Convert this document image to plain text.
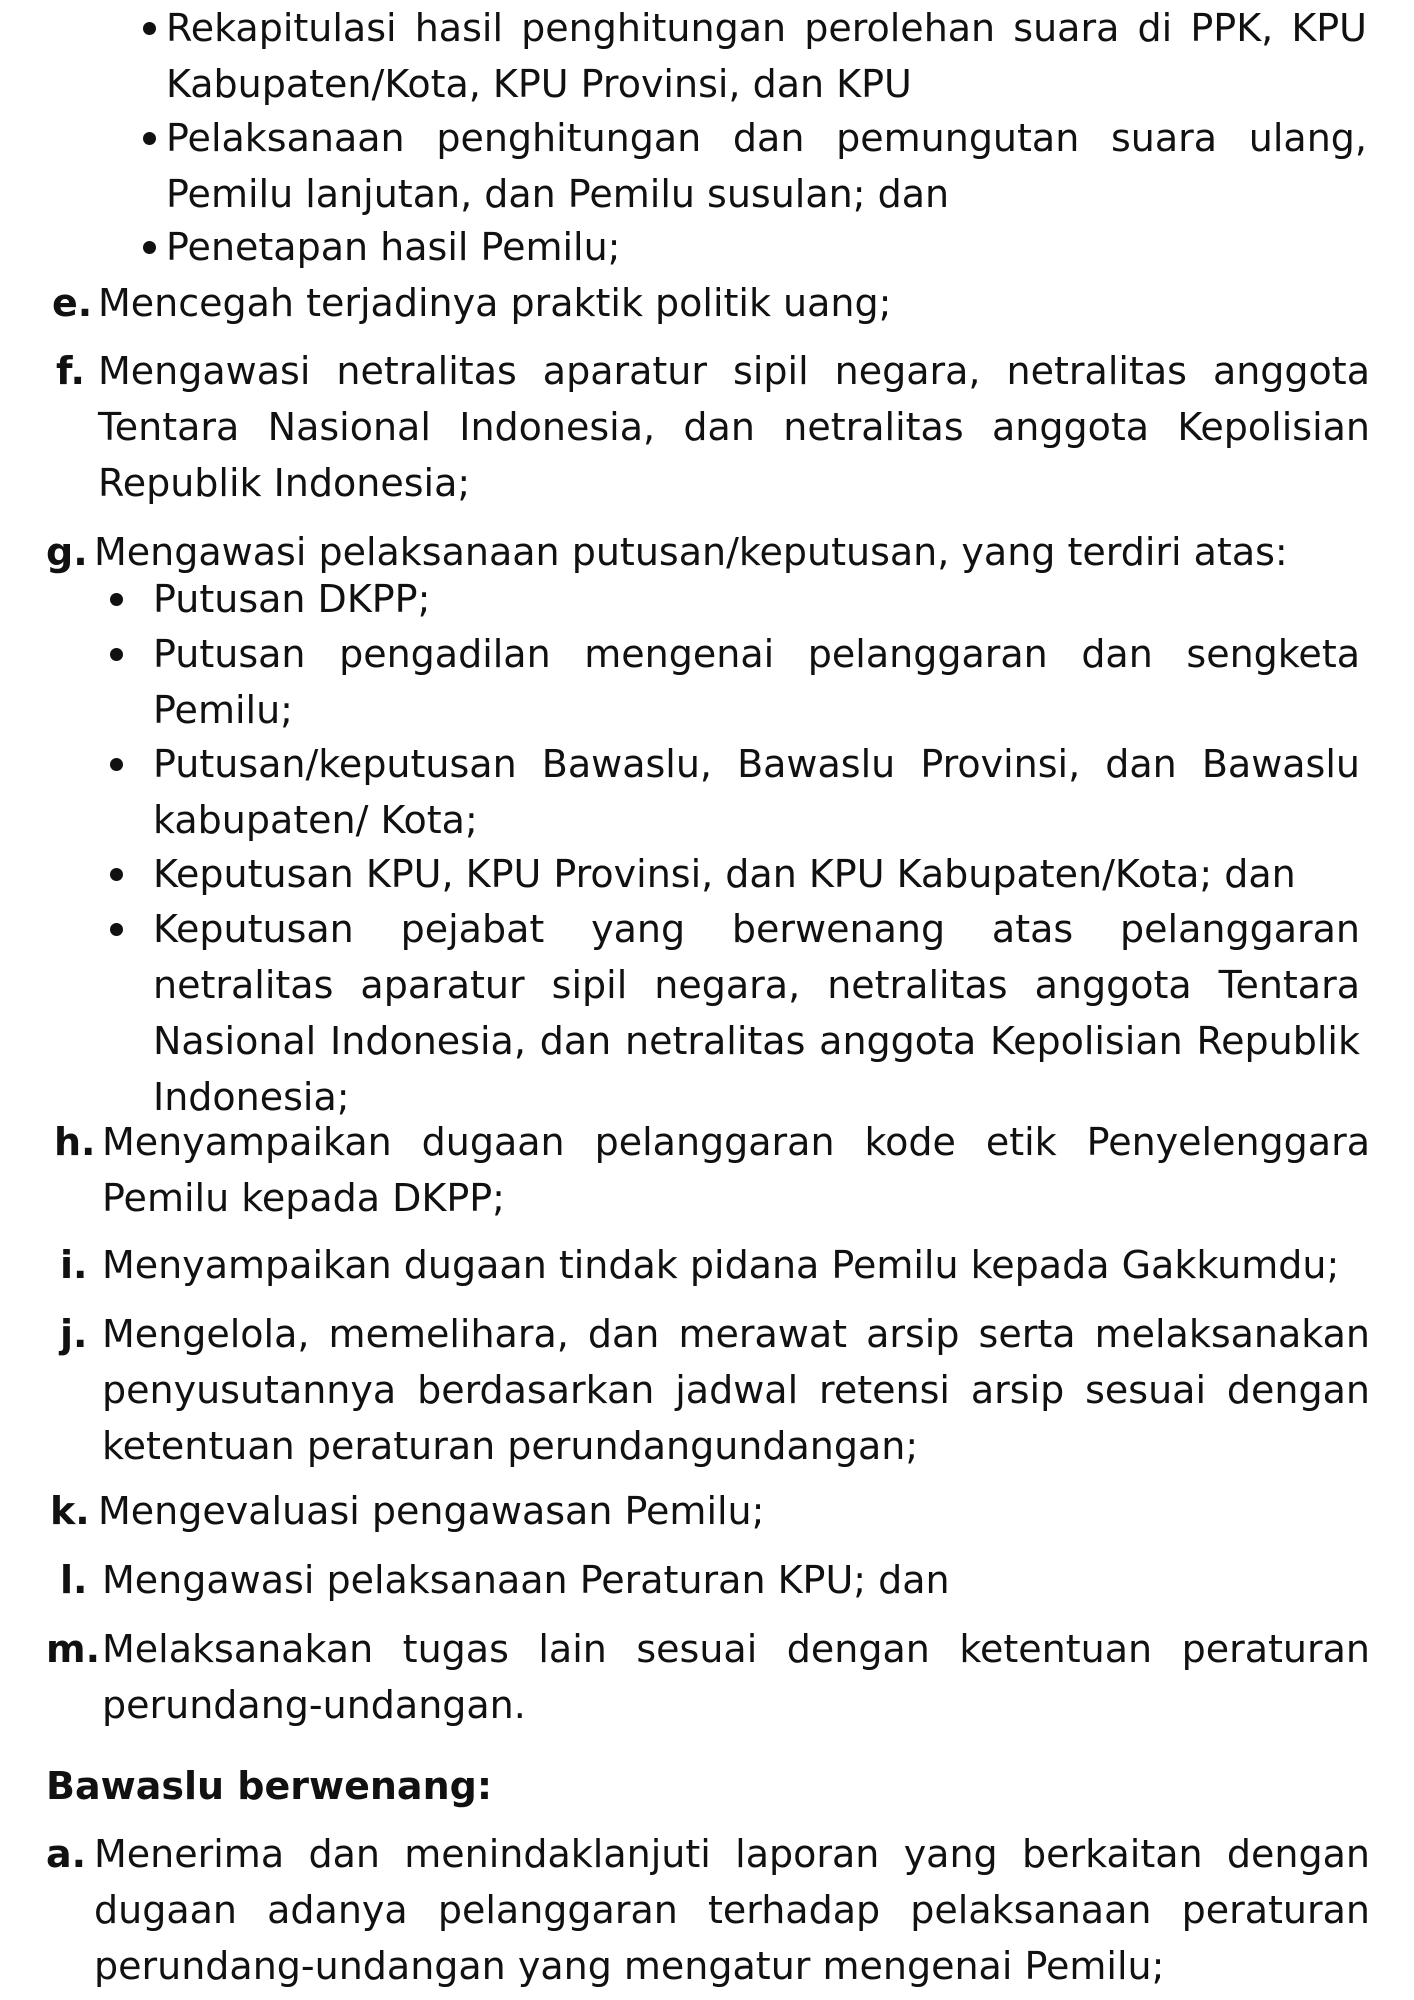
Rekapitulasi hasil penghitungan perolehan suara di PPK, KPU Kabupaten/Kota, KPU Provinsi, dan KPU

Pelaksanaan penghitungan dan pemungutan suara ulang, Pemilu lanjutan, dan Pemilu susulan; dan

Penetapan hasil Pemilu;

e. Mencegah terjadinya praktik politik uang;

f. Mengawasi netralitas aparatur sipil negara, netralitas anggota Tentara Nasional Indonesia, dan netralitas anggota Kepolisian Republik Indonesia;

g. Mengawasi pelaksanaan putusan/keputusan, yang terdiri atas:

Putusan DKPP;

Putusan pengadilan mengenai pelanggaran dan sengketa Pemilu;

Putusan/keputusan Bawaslu, Bawaslu Provinsi, dan Bawaslu kabupaten/ Kota;

Keputusan KPU, KPU Provinsi, dan KPU Kabupaten/Kota; dan

Keputusan pejabat yang berwenang atas pelanggaran netralitas aparatur sipil negara, netralitas anggota Tentara Nasional Indonesia, dan netralitas anggota Kepolisian Republik Indonesia;

h. Menyampaikan dugaan pelanggaran kode etik Penyelenggara Pemilu kepada DKPP;

i. Menyampaikan dugaan tindak pidana Pemilu kepada Gakkumdu;

j. Mengelola, memelihara, dan merawat arsip serta melaksanakan penyusutannya berdasarkan jadwal retensi arsip sesuai dengan ketentuan peraturan perundangundangan;

k. Mengevaluasi pengawasan Pemilu;

l. Mengawasi pelaksanaan Peraturan KPU; dan

m. Melaksanakan tugas lain sesuai dengan ketentuan peraturan perundang-undangan.

Bawaslu berwenang:
a. Menerima dan menindaklanjuti laporan yang berkaitan dengan dugaan adanya pelanggaran terhadap pelaksanaan peraturan perundang-undangan yang mengatur mengenai Pemilu;
